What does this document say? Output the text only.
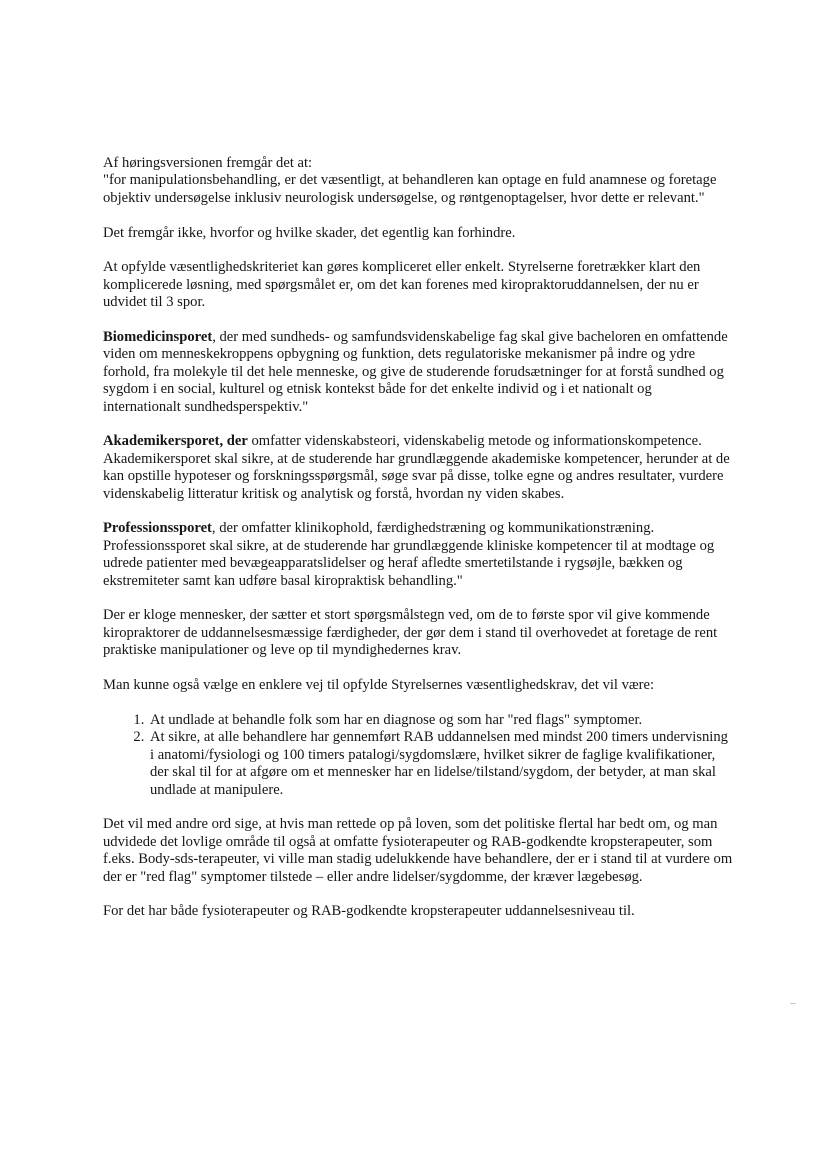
Af høringsversionen fremgår det at:
"for manipulationsbehandling, er det væsentligt, at behandleren kan optage en fuld anamnese og foretage objektiv undersøgelse inklusiv neurologisk undersøgelse, og røntgenoptagelser, hvor dette er relevant."

Det fremgår ikke, hvorfor og hvilke skader, det egentlig kan forhindre.

At opfylde væsentlighedskriteriet kan gøres kompliceret eller enkelt. Styrelserne foretrækker klart den komplicerede løsning, med spørgsmålet er, om det kan forenes med kiropraktoruddannelsen, der nu er udvidet til 3 spor.

Biomedicinsporet, der med sundheds- og samfundsvidenskabelige fag skal give bacheloren en omfattende viden om menneskekroppens opbygning og funktion, dets regulatoriske mekanismer på indre og ydre forhold, fra molekyle til det hele menneske, og give de studerende forudsætninger for at forstå sundhed og sygdom i en social, kulturel og etnisk kontekst både for det enkelte individ og i et nationalt og internationalt sundhedsperspektiv."

Akademikersporet, der omfatter videnskabsteori, videnskabelig metode og informationskompetence. Akademikersporet skal sikre, at de studerende har grundlæggende akademiske kompetencer, herunder at de kan opstille hypoteser og forskningsspørgsmål, søge svar på disse, tolke egne og andres resultater, vurdere videnskabelig litteratur kritisk og analytisk og forstå, hvordan ny viden skabes.

Professionssporet, der omfatter klinikophold, færdighedstræning og kommunikationstræning. Professionssporet skal sikre, at de studerende har grundlæggende kliniske kompetencer til at modtage og udrede patienter med bevægeapparatslidelser og heraf afledte smertetilstande i rygsøjle, bækken og ekstremiteter samt kan udføre basal kiropraktisk behandling."

Der er kloge mennesker, der sætter et stort spørgsmålstegn ved, om de to første spor vil give kommende kiropraktorer de uddannelsesmæssige færdigheder, der gør dem i stand til overhovedet at foretage de rent praktiske manipulationer og leve op til myndighedernes krav.

Man kunne også vælge en enklere vej til opfylde Styrelsernes væsentlighedskrav, det vil være:

1. At undlade at behandle folk som har en diagnose og som har "red flags" symptomer.
2. At sikre, at alle behandlere har gennemført RAB uddannelsen med mindst 200 timers undervisning i anatomi/fysiologi og 100 timers patalogi/sygdomslære, hvilket sikrer de faglige kvalifikationer, der skal til for at afgøre om et mennesker har en lidelse/tilstand/sygdom, der betyder, at man skal undlade at manipulere.

Det vil med andre ord sige, at hvis man rettede op på loven, som det politiske flertal har bedt om, og man udvidede det lovlige område til også at omfatte fysioterapeuter og RAB-godkendte kropsterapeuter, som f.eks. Body-sds-terapeuter, vi ville man stadig udelukkende have behandlere, der er i stand til at vurdere om der er "red flag" symptomer tilstede – eller andre lidelser/sygdomme, der kræver lægebesøg.

For det har både fysioterapeuter og RAB-godkendte kropsterapeuter uddannelsesniveau til.
